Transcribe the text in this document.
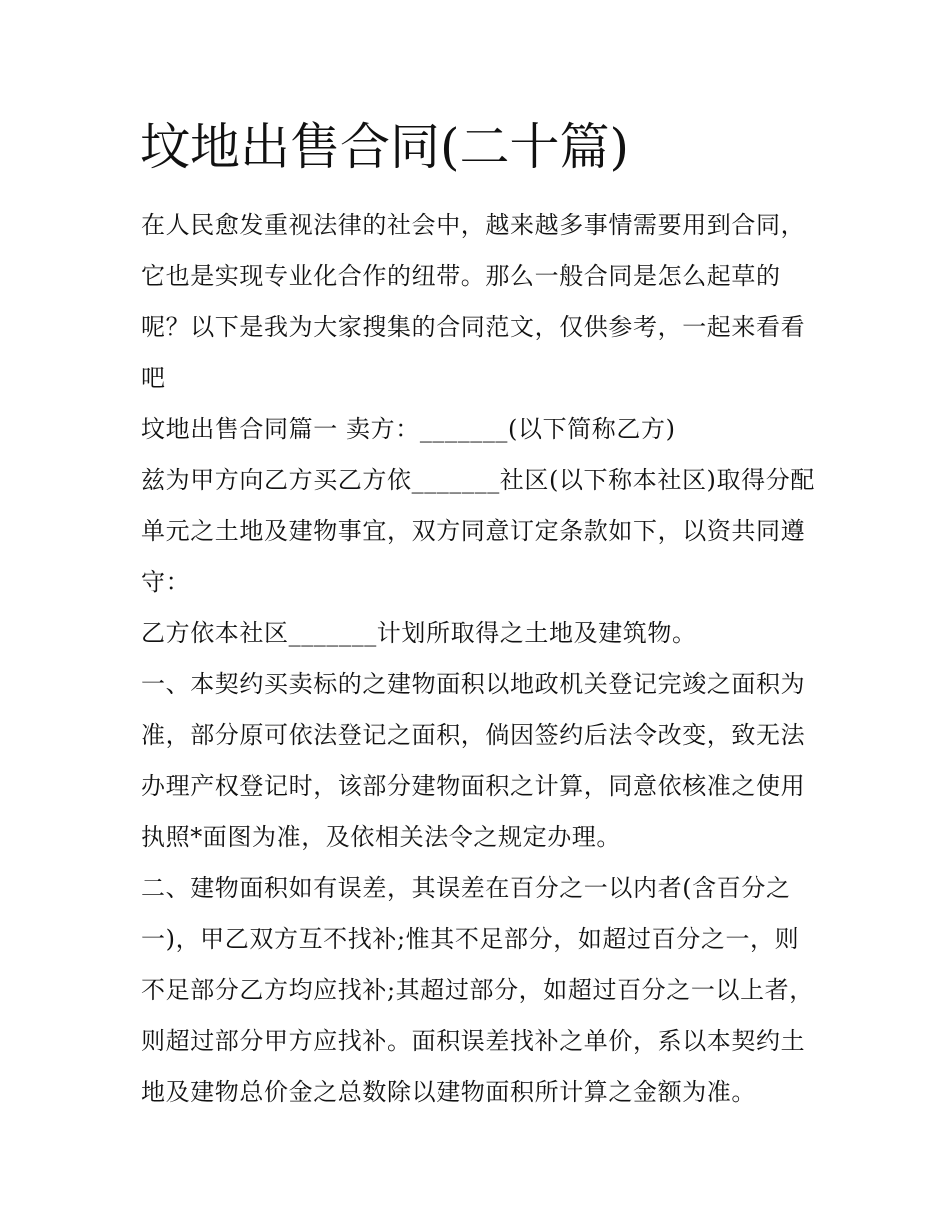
坟地出售合同(二十篇)

在人民愈发重视法律的社会中，越来越多事情需要用到合同，它也是实现专业化合作的纽带。那么一般合同是怎么起草的呢？以下是我为大家搜集的合同范文，仅供参考，一起来看看吧

坟地出售合同篇一 卖方：_______(以下简称乙方)

兹为甲方向乙方买乙方依_______社区(以下称本社区)取得分配单元之土地及建物事宜，双方同意订定条款如下，以资共同遵守：

乙方依本社区_______计划所取得之土地及建筑物。

一、本契约买卖标的之建物面积以地政机关登记完竣之面积为准，部分原可依法登记之面积，倘因签约后法令改变，致无法办理产权登记时，该部分建物面积之计算，同意依核准之使用执照*面图为准，及依相关法令之规定办理。

二、建物面积如有误差，其误差在百分之一以内者(含百分之一)，甲乙双方互不找补;惟其不足部分，如超过百分之一，则不足部分乙方均应找补;其超过部分，如超过百分之一以上者，则超过部分甲方应找补。面积误差找补之单价，系以本契约土地及建物总价金之总数除以建物面积所计算之金额为准。
